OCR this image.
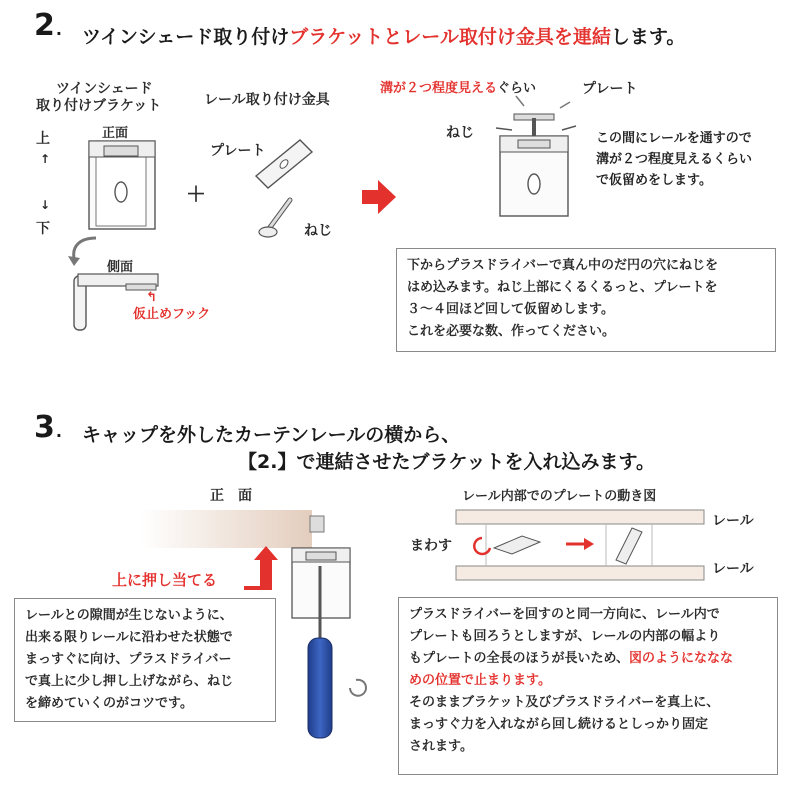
2. ツインシェード取り付けブラケットとレール取付け金具を連結します。
ツインシェード
取り付けブラケット
正面
上
↑
↓
下
側面
↰
仮止めフック
＋
レール取り付け金具
プレート
ねじ
溝が２つ程度見えるぐらい	プレート
ねじ	この間にレールを通すので
溝が２つ程度見えるくらい
で仮留めをします。
下からプラスドライバーで真ん中のだ円の穴にねじを
はめ込みます。ねじ上部にくるくるっと、プレートを
３～４回ほど回して仮留めします。
これを必要な数、作ってください。
3. キャップを外したカーテンレールの横から、
【2.】で連結させたブラケットを入れ込みます。
正　面
上に押し当てる
レールとの隙間が生じないように、
出来る限りレールに沿わせた状態で
まっすぐに向け、プラスドライバー
で真上に少し押し上げながら、ねじ
を締めていくのがコツです。
レール内部でのプレートの動き図
まわす
レール
レール
プラスドライバーを回すのと同一方向に、レール内で
プレートも回ろうとしますが、レールの内部の幅より
もプレートの全長のほうが長いため、図のようにななな
めの位置で止まります。
そのままブラケット及びプラスドライバーを真上に、
まっすぐ力を入れながら回し続けるとしっかり固定
されます。
